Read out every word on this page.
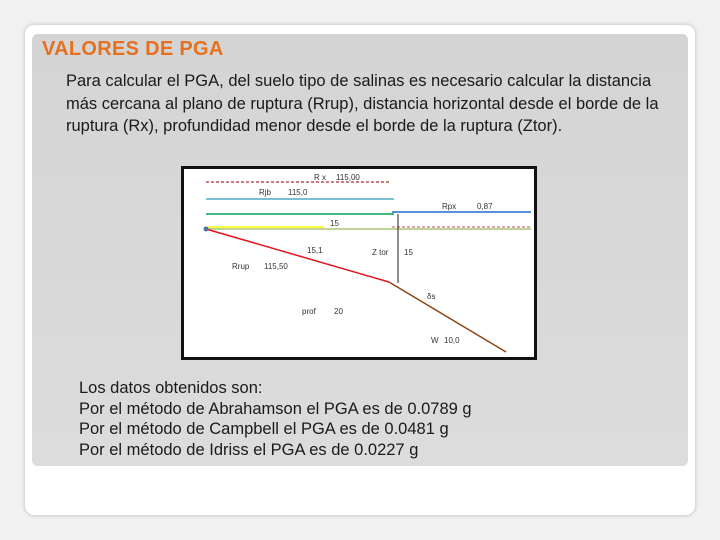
VALORES DE PGA

Para calcular el PGA, del suelo tipo de salinas es necesario calcular la distancia más cercana al plano de ruptura (Rrup), distancia horizontal desde el borde de la ruptura (Rx), profundidad menor desde el borde de la ruptura (Ztor).

R x 115,00
Rjb 115,0
Rpx	0,87
15
15,1	Z tor 15
Rrup 115,50
δs
prof 20
W 10,0
Los datos obtenidos son:
Por el método de Abrahamson el PGA es de 0.0789 g
Por el método de Campbell el PGA es de 0.0481 g
Por el método de Idriss el PGA es de 0.0227 g
